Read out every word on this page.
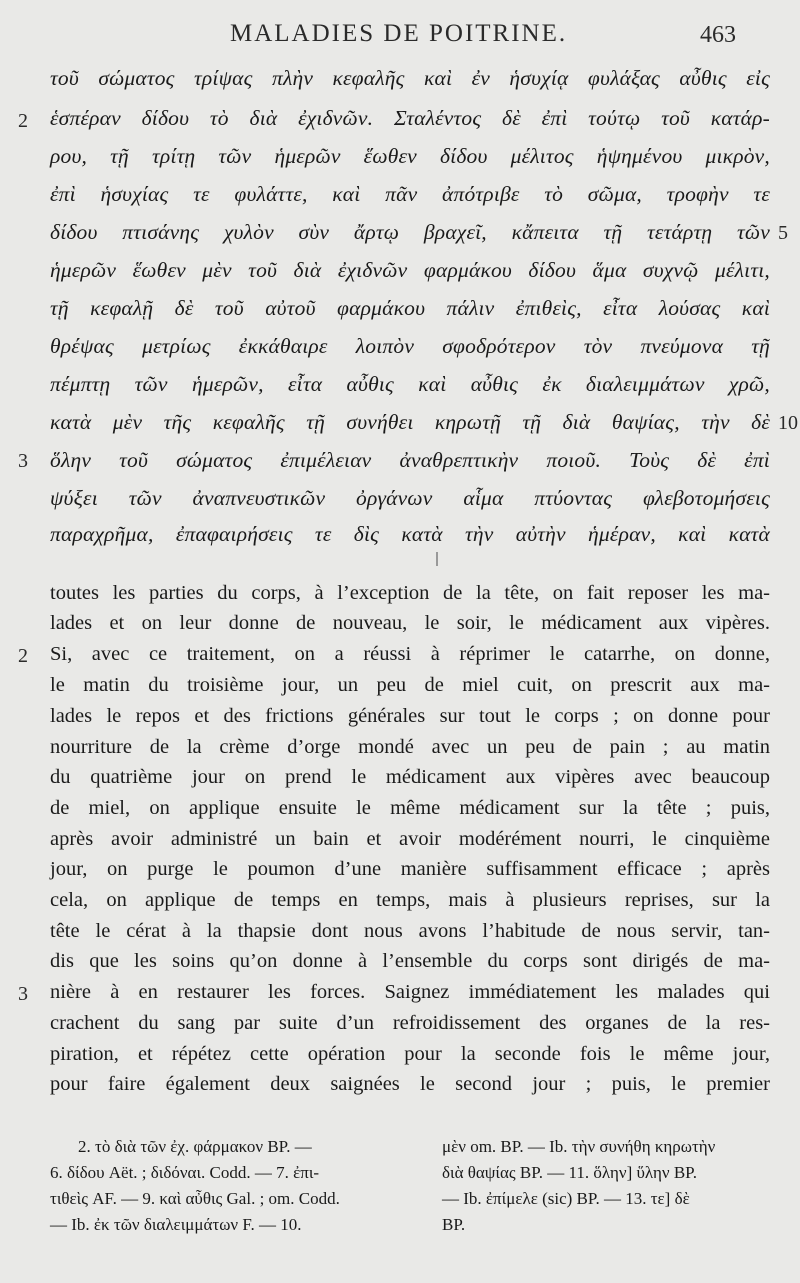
MALADIES DE POITRINE.	463
τοῦ σώματος τρίψας πλὴν κεφαλῆς καὶ ἐν ἡσυχίᾳ φυλάξας αὖθις εἰς
ἑσπέραν δίδου τὸ διὰ ἐχιδνῶν. Σταλέντος δὲ ἐπὶ τούτῳ τοῦ κατάρ-
ρου, τῇ τρίτῃ τῶν ἡμερῶν ἕωθεν δίδου μέλιτος ἡψημένου μικρὸν,
ἐπὶ ἡσυχίας τε φυλάττε, καὶ πᾶν ἀπότριβε τὸ σῶμα, τροφὴν τε
δίδου πτισάνης χυλὸν σὺν ἄρτῳ βραχεῖ, κἄπειτα τῇ τετάρτῃ τῶν
ἡμερῶν ἕωθεν μὲν τοῦ διὰ ἐχιδνῶν φαρμάκου δίδου ἅμα συχνῷ μέλιτι,
τῇ κεφαλῇ δὲ τοῦ αὐτοῦ φαρμάκου πάλιν ἐπιθεὶς, εἶτα λούσας καὶ
θρέψας μετρίως ἐκκάθαιρε λοιπὸν σφοδρότερον τὸν πνεύμονα τῇ
πέμπτῃ τῶν ἡμερῶν, εἶτα αὖθις καὶ αὖθις ἐκ διαλειμμάτων χρῶ,
κατὰ μὲν τῆς κεφαλῆς τῇ συνήθει κηρωτῇ τῇ διὰ θαψίας, τὴν δὲ
ὅλην τοῦ σώματος ἐπιμέλειαν ἀναθρεπτικὴν ποιοῦ. Τοὺς δὲ ἐπὶ
ψύξει τῶν ἀναπνευστικῶν ὀργάνων αἷμα πτύοντας φλεβοτομήσεις
παραχρῆμα, ἐπαφαιρήσεις τε δὶς κατὰ τὴν αὐτὴν ἡμέραν, καὶ κατὰ
2
5
10
3
toutes les parties du corps, à l’exception de la tête, on fait reposer les ma-
lades et on leur donne de nouveau, le soir, le médicament aux vipères.
Si, avec ce traitement, on a réussi à réprimer le catarrhe, on donne,
le matin du troisième jour, un peu de miel cuit, on prescrit aux ma-
lades le repos et des frictions générales sur tout le corps ; on donne pour
nourriture de la crème d’orge mondé avec un peu de pain ; au matin
du quatrième jour on prend le médicament aux vipères avec beaucoup
de miel, on applique ensuite le même médicament sur la tête ; puis,
après avoir administré un bain et avoir modérément nourri, le cinquième
jour, on purge le poumon d’une manière suffisamment efficace ; après
cela, on applique de temps en temps, mais à plusieurs reprises, sur la
tête le cérat à la thapsie dont nous avons l’habitude de nous servir, tan-
dis que les soins qu’on donne à l’ensemble du corps sont dirigés de ma-
nière à en restaurer les forces. Saignez immédiatement les malades qui
crachent du sang par suite d’un refroidissement des organes de la res-
piration, et répétez cette opération pour la seconde fois le même jour,
pour faire également deux saignées le second jour ; puis, le premier
2
3
2. τὸ διὰ τῶν ἐχ. φάρμακον BP. —
6. δίδου Aët. ; διδόναι. Codd. — 7. ἐπι-
τιθεὶς AF. — 9. καὶ αὖθις Gal. ; om. Codd.
— Ib. ἐκ τῶν διαλειμμάτων F. — 10.
μὲν om. BP. — Ib. τὴν συνήθη κηρωτὴν
διὰ θαψίας BP. — 11. ὅλην] ὕλην BP.
— Ib. ἐπίμελε (sic) BP. — 13. τε] δὲ
BP.
